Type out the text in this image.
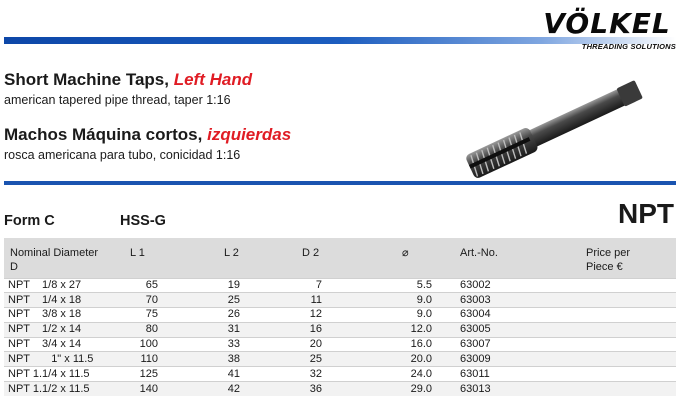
VÖLKEL
THREADING SOLUTIONS
Short Machine Taps, Left Hand
american tapered pipe thread, taper 1:16
Machos Máquina cortos, izquierdas
rosca americana para tubo, conicidad 1:16
Form C	HSS-G	NPT
Nominal Diameter
D	L 1	L 2	D 2	⌀	Art.-No.	Price per
Piece €
NPT    1/8 x 27	65	19	7	5.5	63002	
NPT    1/4 x 18	70	25	11	9.0	63003	
NPT    3/8 x 18	75	26	12	9.0	63004	
NPT    1/2 x 14	80	31	16	12.0	63005	
NPT    3/4 x 14	100	33	20	16.0	63007	
NPT       1" x 11.5	110	38	25	20.0	63009	
NPT 1.1/4 x 11.5	125	41	32	24.0	63011	
NPT 1.1/2 x 11.5	140	42	36	29.0	63013	
